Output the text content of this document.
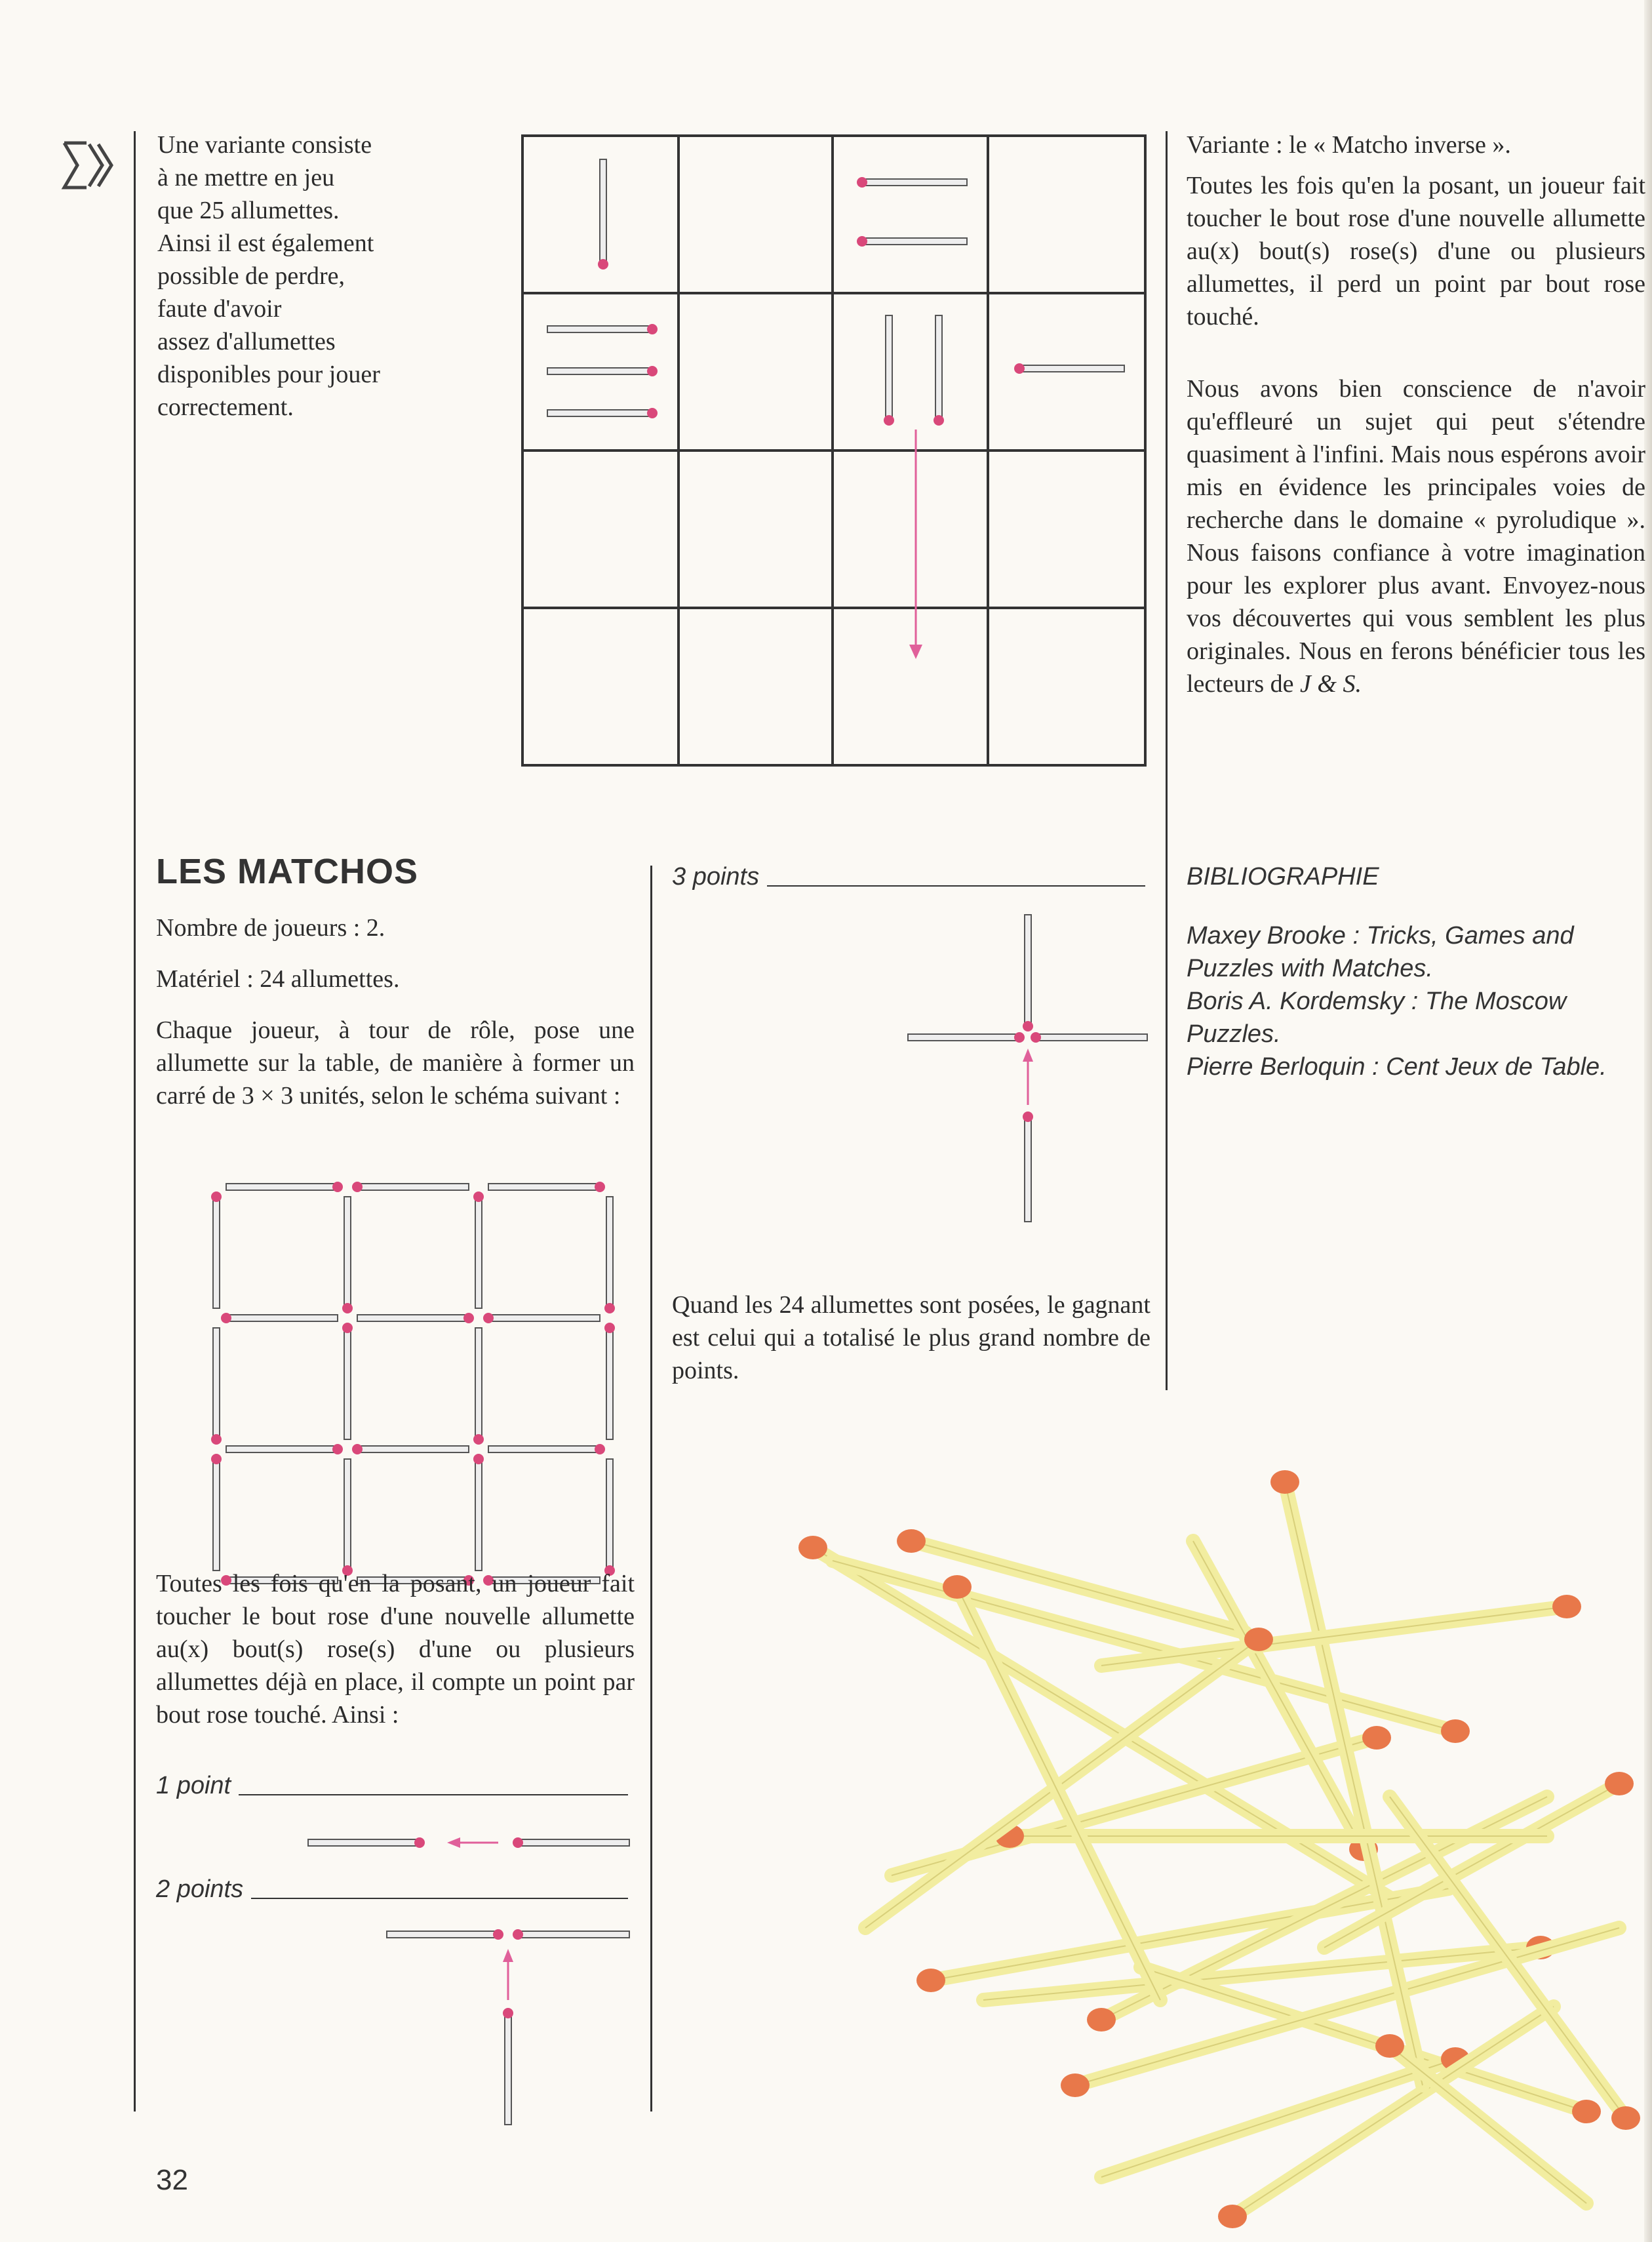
Une variante consiste
à ne mettre en jeu
que 25 allumettes.
Ainsi il est également
possible de perdre,
faute d'avoir
assez d'allumettes
disponibles pour jouer
correctement.

Variante : le « Matcho inverse ».

Toutes les fois qu'en la posant, un joueur fait toucher le bout rose d'une nouvelle allumette au(x) bout(s) rose(s) d'une ou plusieurs allumettes, il perd un point par bout rose touché.

Nous avons bien conscience de n'avoir qu'effleuré un sujet qui peut s'étendre quasiment à l'infini. Mais nous espérons avoir mis en évidence les principales voies de recherche dans le domaine « pyroludique ». Nous faisons confiance à votre imagination pour les explorer plus avant. Envoyez-nous vos découvertes qui vous semblent les plus originales. Nous en ferons bénéficier tous les lecteurs de J & S.

LES MATCHOS

Nombre de joueurs : 2.

Matériel : 24 allumettes.

Chaque joueur, à tour de rôle, pose une allumette sur la table, de manière à former un carré de 3 × 3 unités, selon le schéma suivant :

Toutes les fois qu'en la posant, un joueur fait toucher le bout rose d'une nouvelle allumette au(x) bout(s) rose(s) d'une ou plusieurs allumettes déjà en place, il compte un point par bout rose touché. Ainsi :
1 point
2 points
3 points
Quand les 24 allumettes sont posées, le gagnant est celui qui a totalisé le plus grand nombre de points.
BIBLIOGRAPHIE
Maxey Brooke : Tricks, Games and Puzzles with Matches.
Boris A. Kordemsky : The Moscow Puzzles.
Pierre Berloquin : Cent Jeux de Table.
32
